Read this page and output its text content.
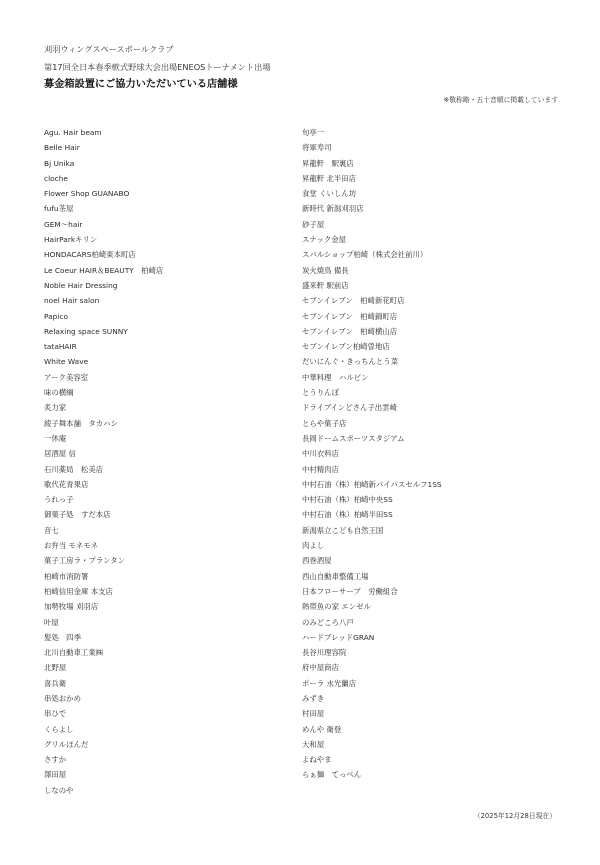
刈羽ウィングスペースボールクラブ
第17回全日本春季軟式野球大会出場ENEOSトーナメント出場
募金箱設置にご協力いただいている店舗様
※敬称略・五十音順に掲載しています
Agu. Hair beam
Belle Hair
Bj Unika
cloche
Flower Shop GUANABO
fufu茶屋
GEM～hair
HairParkキリン
HONDACARS柏崎東本町店
Le Coeur HAIR＆BEAUTY　柏崎店
Noble Hair Dressing
noel Hair salon
Papico
Relaxing space SUNNY
tataHAIR
White Wave
アーク美容室
味の横綱
炙力家
綾子舞本舗　タカハシ
一休庵
居酒屋 信
石川薬局　松美店
歌代花青果店
うれっ子
御菓子処　すだ本店
音七
お弁当 モネモネ
菓子工房ラ・プランタン
柏崎市消防署
柏崎信用金庫 本支店
加勢牧場 刈羽店
叶屋
髪処　四季
北川自動車工業㈱
北野屋
喜兵衛
串処おかめ
串ひで
くらよし
グリルほんだ
さすか
澤田屋
しなのや
旬亭一
将軍寿司
昇龍軒　駅裏店
昇龍軒 北半田店
食堂 くいしん坊
新時代 新潟刈羽店
砂子屋
スナック金屋
スバルショップ柏崎（株式会社前川）
炭火焼鳥 備長
盛来軒 駅前店
セブンイレブン　柏崎新花町店
セブンイレブン　柏崎錦町店
セブンイレブン　柏崎横山店
セブンイレブン柏崎曽地店
だいにんぐ・きっちんとう菜
中華料理　ハルビン
とうりんぼ
ドライブインどさん子出雲崎
とらや菓子店
長岡ドームスポーツスタジアム
中川衣料店
中村精肉店
中村石油（株）柏崎新バイパスセルフ1SS
中村石油（株）柏崎中央SS
中村石油（株）柏崎半田SS
新潟県立こども自然王国
肉よし
西巻酒屋
西山自動車整備工場
日本フローサーブ　労働組合
熱帯魚の家 エンゼル
のみどころ八戸
ハードブレッドGRAN
長谷川理容院
府中屋商店
ポーラ 水光蘭店
みずき
村田屋
めんや 衛登
大和屋
よねやま
らぁ麺　てっぺん
（2025年12月28日現在）
